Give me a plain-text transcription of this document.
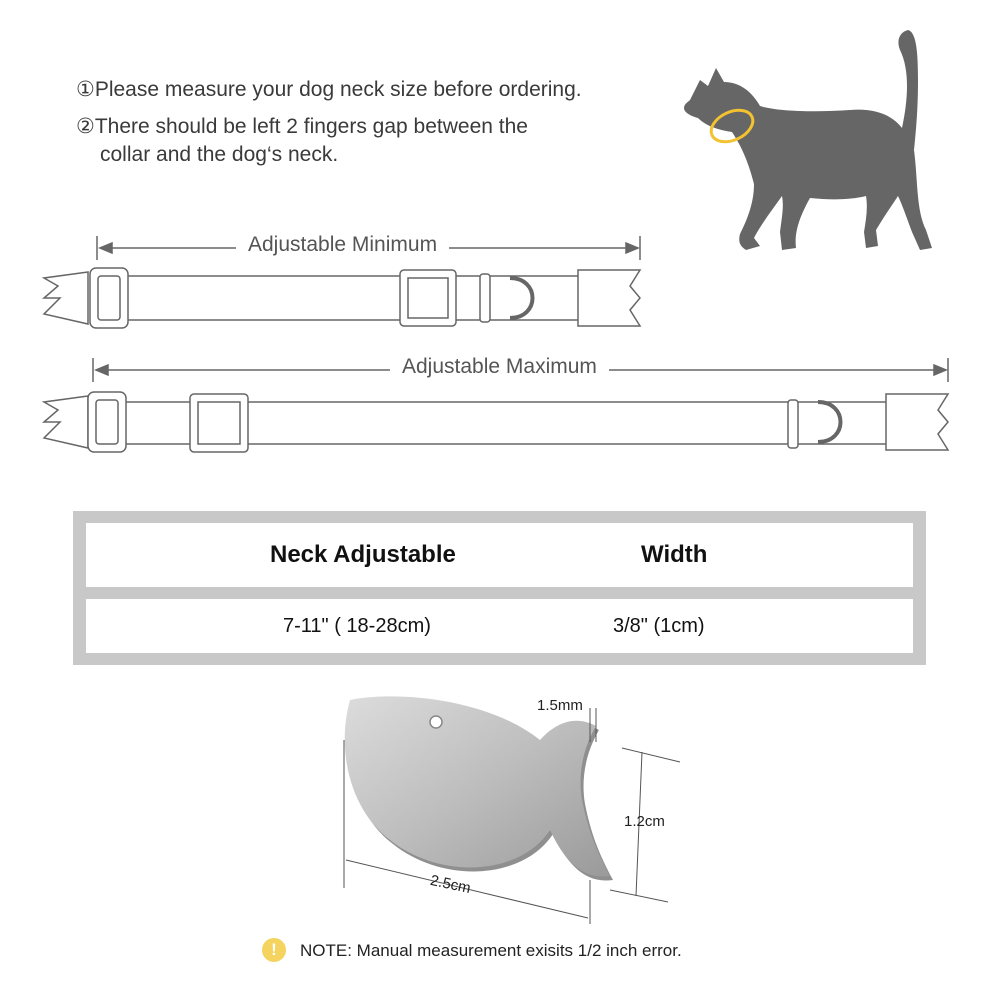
①Please measure your dog neck size before ordering.
②There should be left 2 fingers gap between the
collar and the dog‘s neck.
Adjustable Minimum
Adjustable Maximum
Neck Adjustable	Width
7-11" ( 18-28cm)	3/8" (1cm)
1.5mm
1.2cm
2.5cm
!	NOTE: Manual measurement exisits 1/2 inch error.
